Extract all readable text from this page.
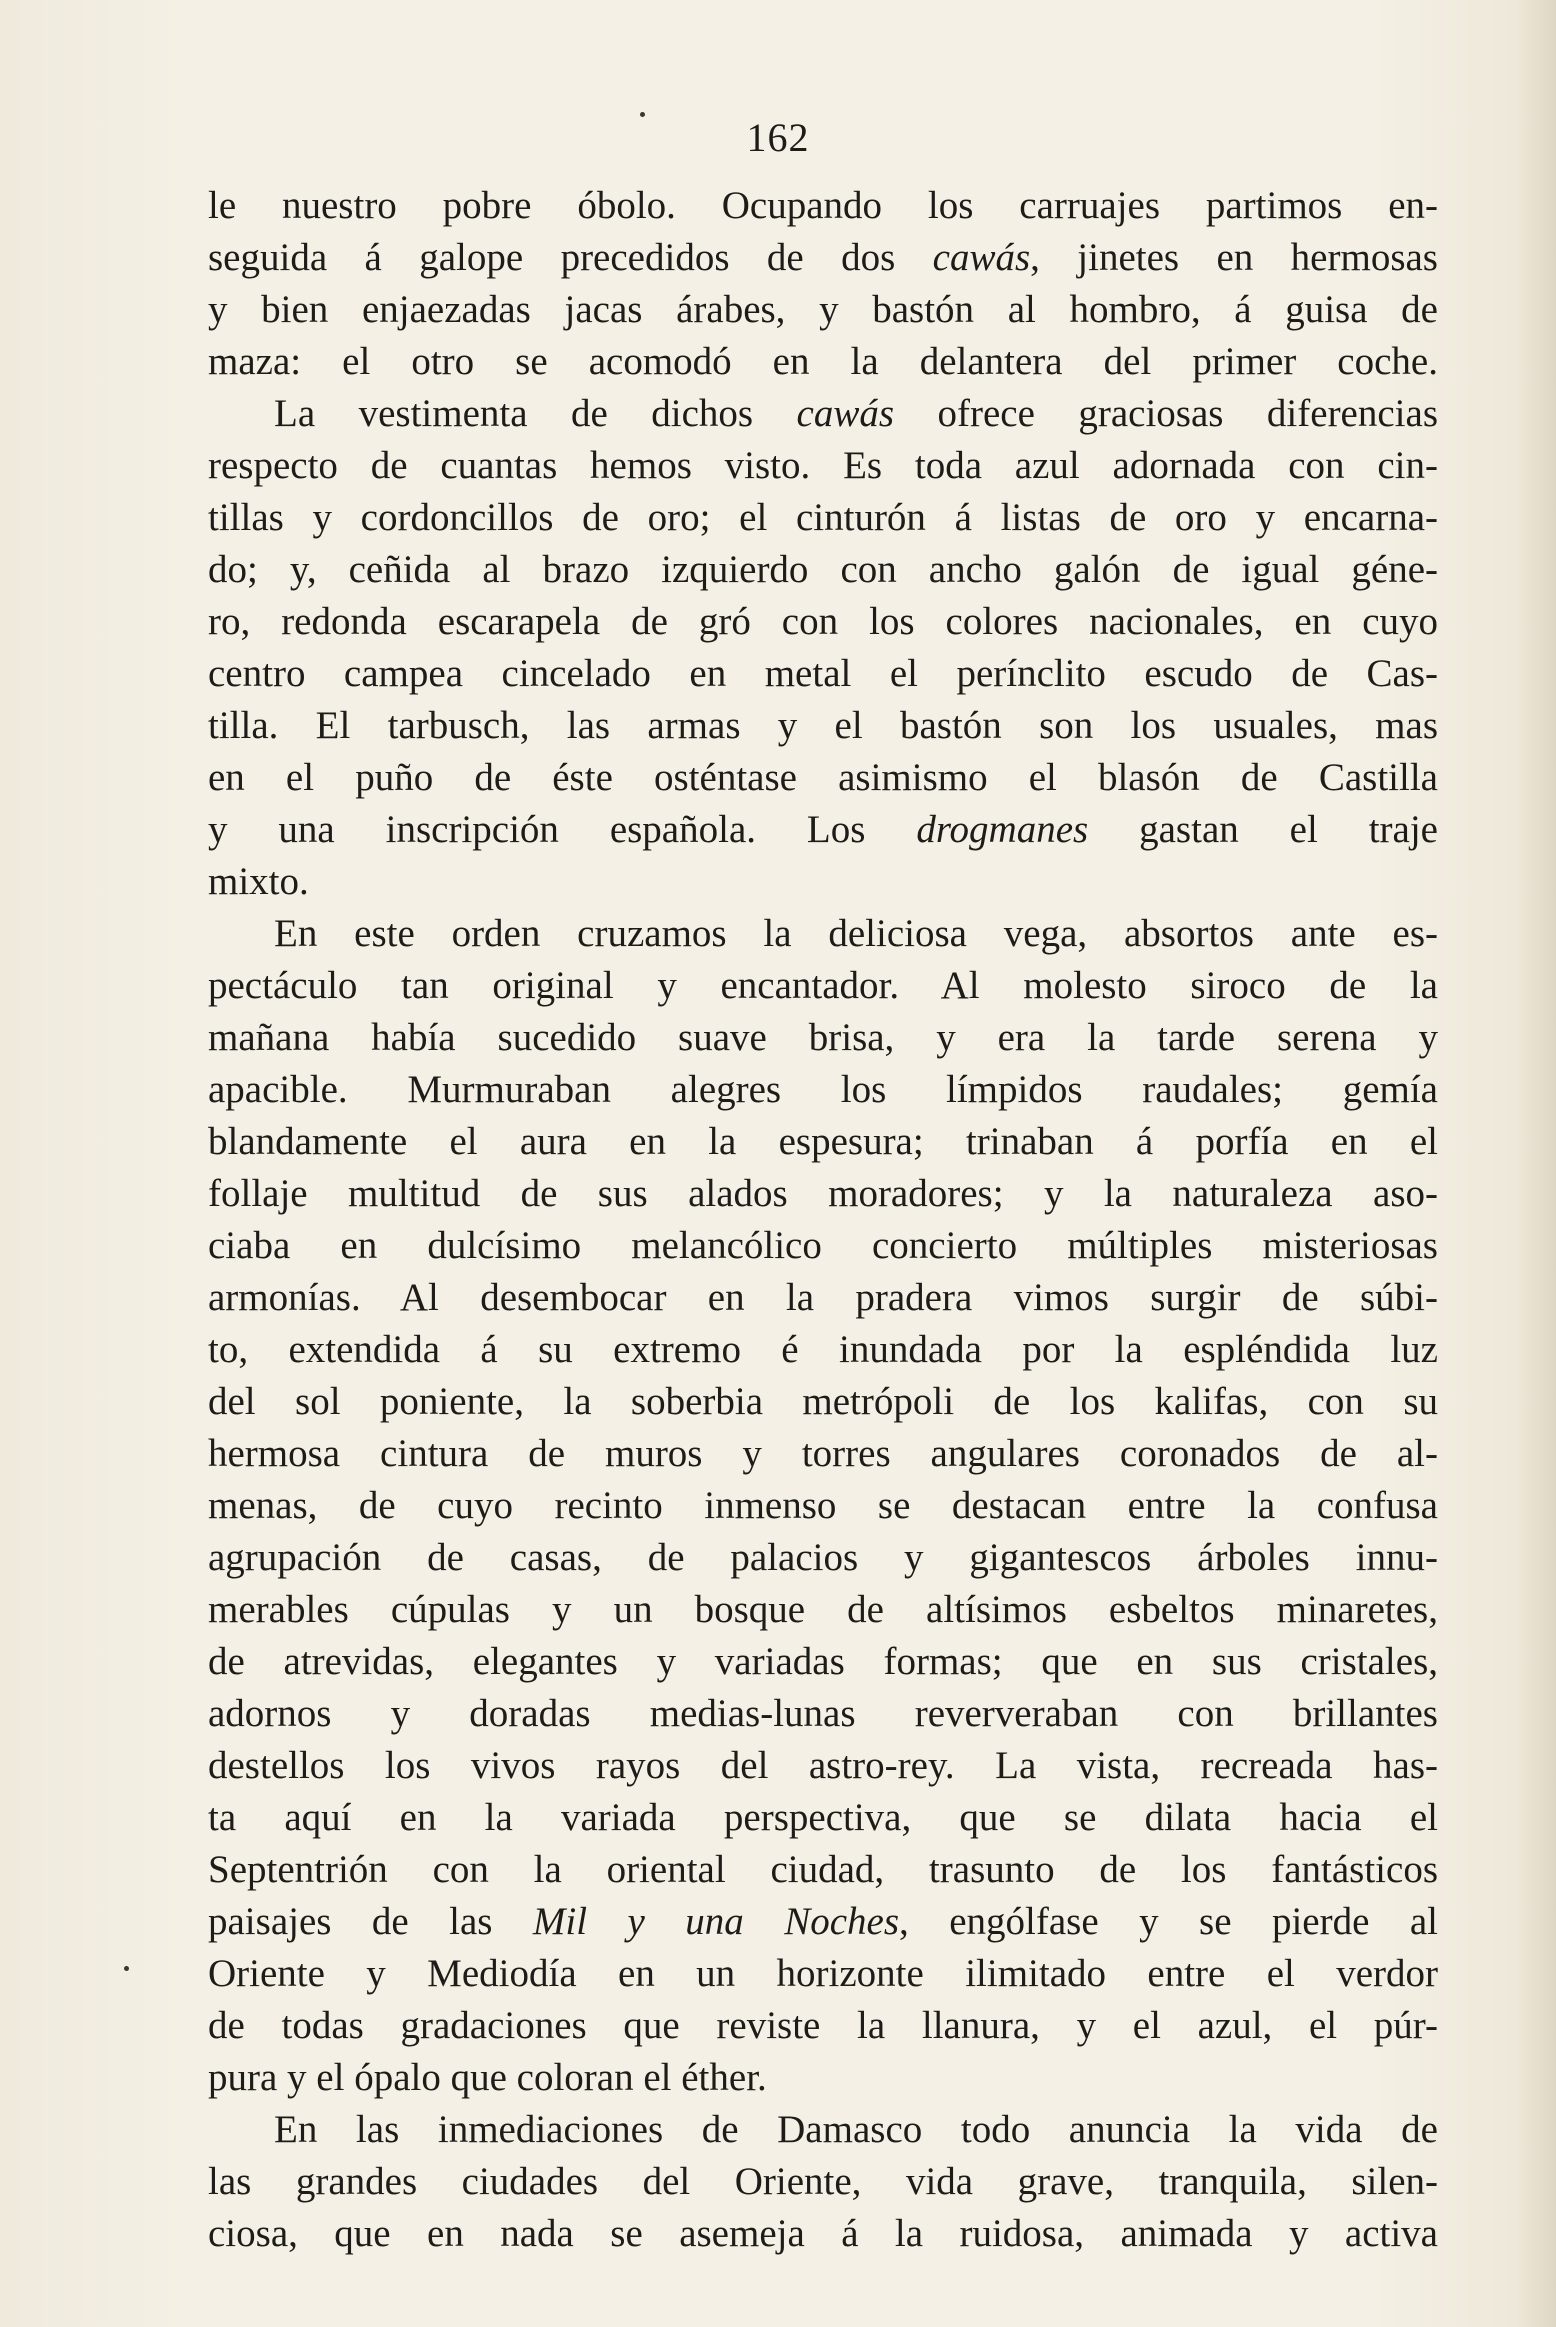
162
le nuestro pobre óbolo. Ocupando los carruajes partimos en-
seguida á galope precedidos de dos cawás, jinetes en hermosas
y bien enjaezadas jacas árabes, y bastón al hombro, á guisa de
maza: el otro se acomodó en la delantera del primer coche.
La vestimenta de dichos cawás ofrece graciosas diferencias
respecto de cuantas hemos visto. Es toda azul adornada con cin-
tillas y cordoncillos de oro; el cinturón á listas de oro y encarna-
do; y, ceñida al brazo izquierdo con ancho galón de igual géne-
ro, redonda escarapela de gró con los colores nacionales, en cuyo
centro campea cincelado en metal el perínclito escudo de Cas-
tilla. El tarbusch, las armas y el bastón son los usuales, mas
en el puño de éste osténtase asimismo el blasón de Castilla
y una inscripción española. Los drogmanes gastan el traje
mixto.
En este orden cruzamos la deliciosa vega, absortos ante es-
pectáculo tan original y encantador. Al molesto siroco de la
mañana había sucedido suave brisa, y era la tarde serena y
apacible. Murmuraban alegres los límpidos raudales; gemía
blandamente el aura en la espesura; trinaban á porfía en el
follaje multitud de sus alados moradores; y la naturaleza aso-
ciaba en dulcísimo melancólico concierto múltiples misteriosas
armonías. Al desembocar en la pradera vimos surgir de súbi-
to, extendida á su extremo é inundada por la espléndida luz
del sol poniente, la soberbia metrópoli de los kalifas, con su
hermosa cintura de muros y torres angulares coronados de al-
menas, de cuyo recinto inmenso se destacan entre la confusa
agrupación de casas, de palacios y gigantescos árboles innu-
merables cúpulas y un bosque de altísimos esbeltos minaretes,
de atrevidas, elegantes y variadas formas; que en sus cristales,
adornos y doradas medias-lunas reververaban con brillantes
destellos los vivos rayos del astro-rey. La vista, recreada has-
ta aquí en la variada perspectiva, que se dilata hacia el
Septentrión con la oriental ciudad, trasunto de los fantásticos
paisajes de las Mil y una Noches, engólfase y se pierde al
Oriente y Mediodía en un horizonte ilimitado entre el verdor
de todas gradaciones que reviste la llanura, y el azul, el púr-
pura y el ópalo que coloran el éther.
En las inmediaciones de Damasco todo anuncia la vida de
las grandes ciudades del Oriente, vida grave, tranquila, silen-
ciosa, que en nada se asemeja á la ruidosa, animada y activa
